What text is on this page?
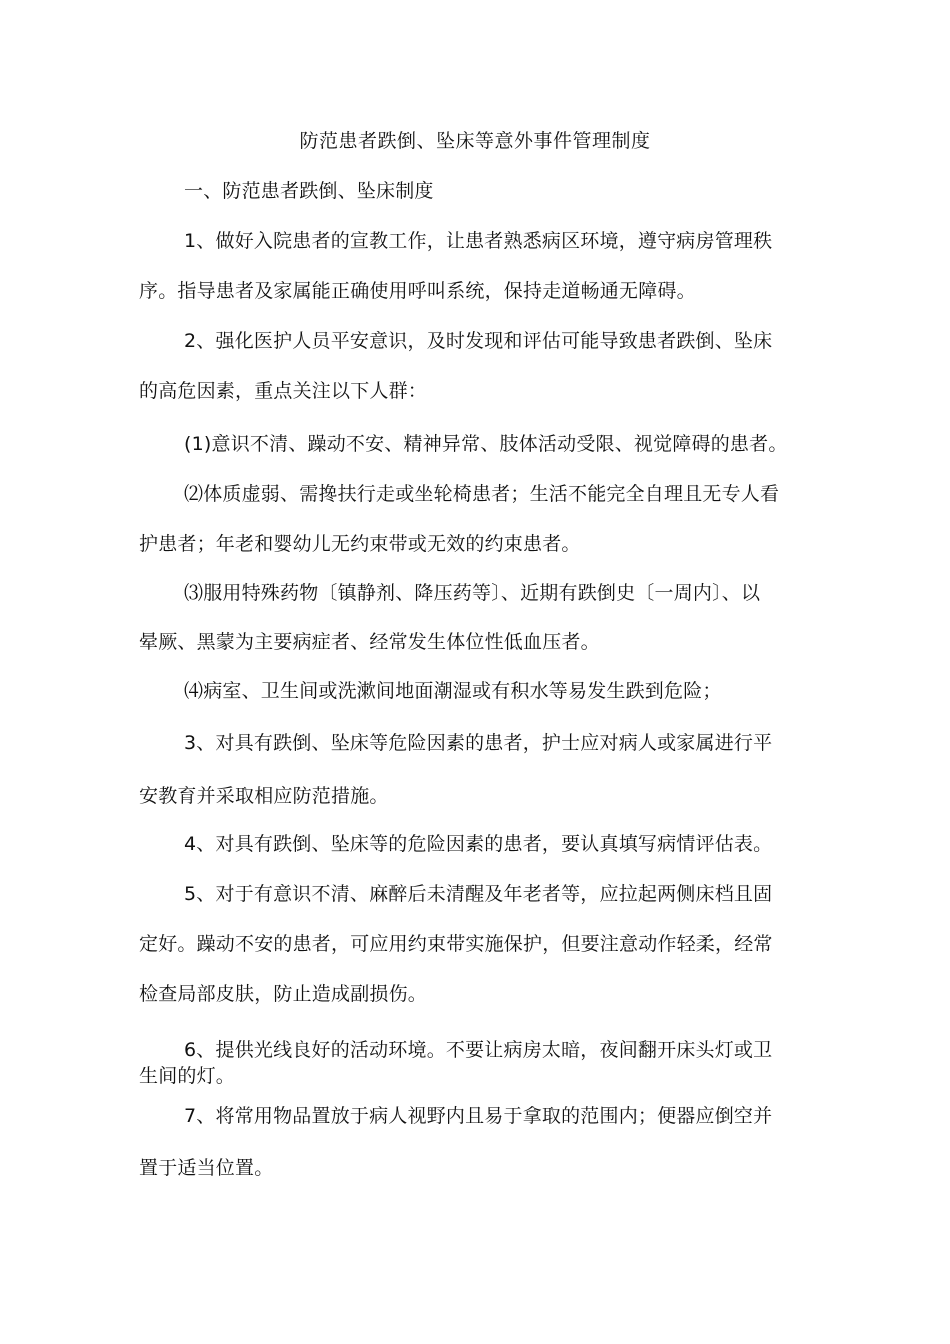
防范患者跌倒、坠床等意外事件管理制度
一、防范患者跌倒、坠床制度
1、做好入院患者的宣教工作，让患者熟悉病区环境，遵守病房管理秩
序。指导患者及家属能正确使用呼叫系统，保持走道畅通无障碍。
2、强化医护人员平安意识，及时发现和评估可能导致患者跌倒、坠床
的高危因素，重点关注以下人群：
(1)意识不清、躁动不安、精神异常、肢体活动受限、视觉障碍的患者。
⑵体质虚弱、需搀扶行走或坐轮椅患者；生活不能完全自理且无专人看
护患者；年老和婴幼儿无约束带或无效的约束患者。
⑶服用特殊药物〔镇静剂、降压药等〕、近期有跌倒史〔一周内〕、以
晕厥、黑蒙为主要病症者、经常发生体位性低血压者。
⑷病室、卫生间或洗漱间地面潮湿或有积水等易发生跌到危险；
3、对具有跌倒、坠床等危险因素的患者，护士应对病人或家属进行平
安教育并采取相应防范措施。
4、对具有跌倒、坠床等的危险因素的患者，要认真填写病情评估表。
5、对于有意识不清、麻醉后未清醒及年老者等，应拉起两侧床档且固
定好。躁动不安的患者，可应用约束带实施保护，但要注意动作轻柔，经常
检查局部皮肤，防止造成副损伤。
6、提供光线良好的活动环境。不要让病房太暗，夜间翻开床头灯或卫
生间的灯。
7、将常用物品置放于病人视野内且易于拿取的范围内；便器应倒空并
置于适当位置。
